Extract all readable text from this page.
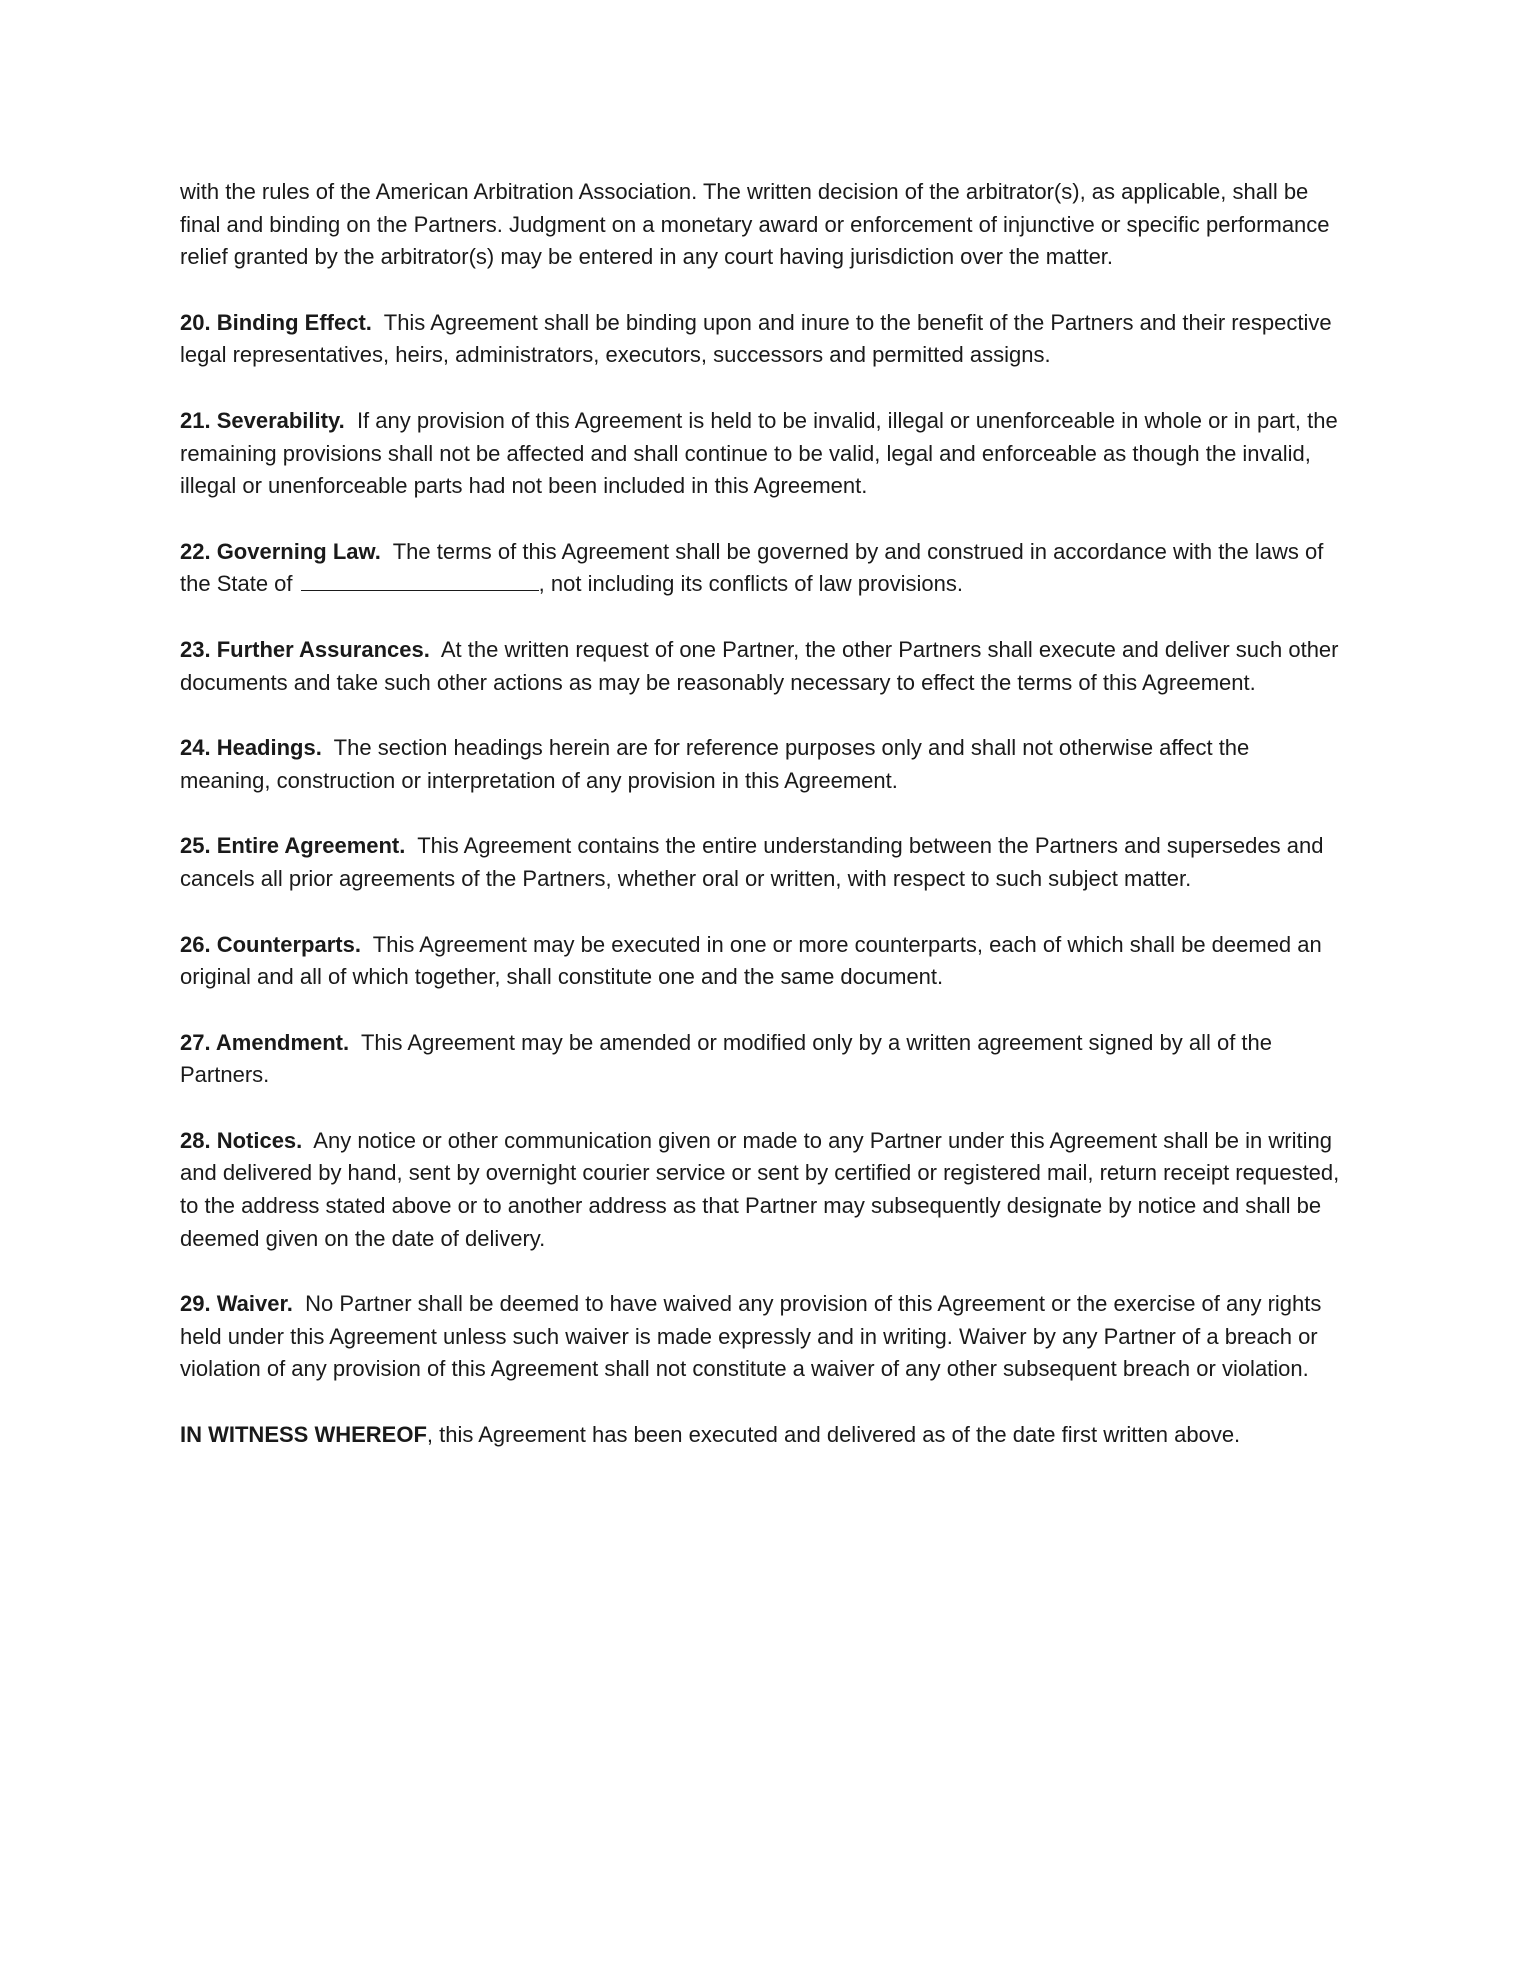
with the rules of the American Arbitration Association. The written decision of the arbitrator(s), as applicable, shall be final and binding on the Partners. Judgment on a monetary award or enforcement of injunctive or specific performance relief granted by the arbitrator(s) may be entered in any court having jurisdiction over the matter.

20. Binding Effect. This Agreement shall be binding upon and inure to the benefit of the Partners and their respective legal representatives, heirs, administrators, executors, successors and permitted assigns.

21. Severability. If any provision of this Agreement is held to be invalid, illegal or unenforceable in whole or in part, the remaining provisions shall not be affected and shall continue to be valid, legal and enforceable as though the invalid, illegal or unenforceable parts had not been included in this Agreement.

22. Governing Law. The terms of this Agreement shall be governed by and construed in accordance with the laws of the State of	, not including its conflicts of law provisions.

23. Further Assurances. At the written request of one Partner, the other Partners shall execute and deliver such other documents and take such other actions as may be reasonably necessary to effect the terms of this Agreement.

24. Headings. The section headings herein are for reference purposes only and shall not otherwise affect the meaning, construction or interpretation of any provision in this Agreement.

25. Entire Agreement. This Agreement contains the entire understanding between the Partners and supersedes and cancels all prior agreements of the Partners, whether oral or written, with respect to such subject matter.

26. Counterparts. This Agreement may be executed in one or more counterparts, each of which shall be deemed an original and all of which together, shall constitute one and the same document.

27. Amendment. This Agreement may be amended or modified only by a written agreement signed by all of the Partners.

28. Notices. Any notice or other communication given or made to any Partner under this Agreement shall be in writing and delivered by hand, sent by overnight courier service or sent by certified or registered mail, return receipt requested, to the address stated above or to another address as that Partner may subsequently designate by notice and shall be deemed given on the date of delivery.

29. Waiver. No Partner shall be deemed to have waived any provision of this Agreement or the exercise of any rights held under this Agreement unless such waiver is made expressly and in writing. Waiver by any Partner of a breach or violation of any provision of this Agreement shall not constitute a waiver of any other subsequent breach or violation.

IN WITNESS WHEREOF, this Agreement has been executed and delivered as of the date first written above.
